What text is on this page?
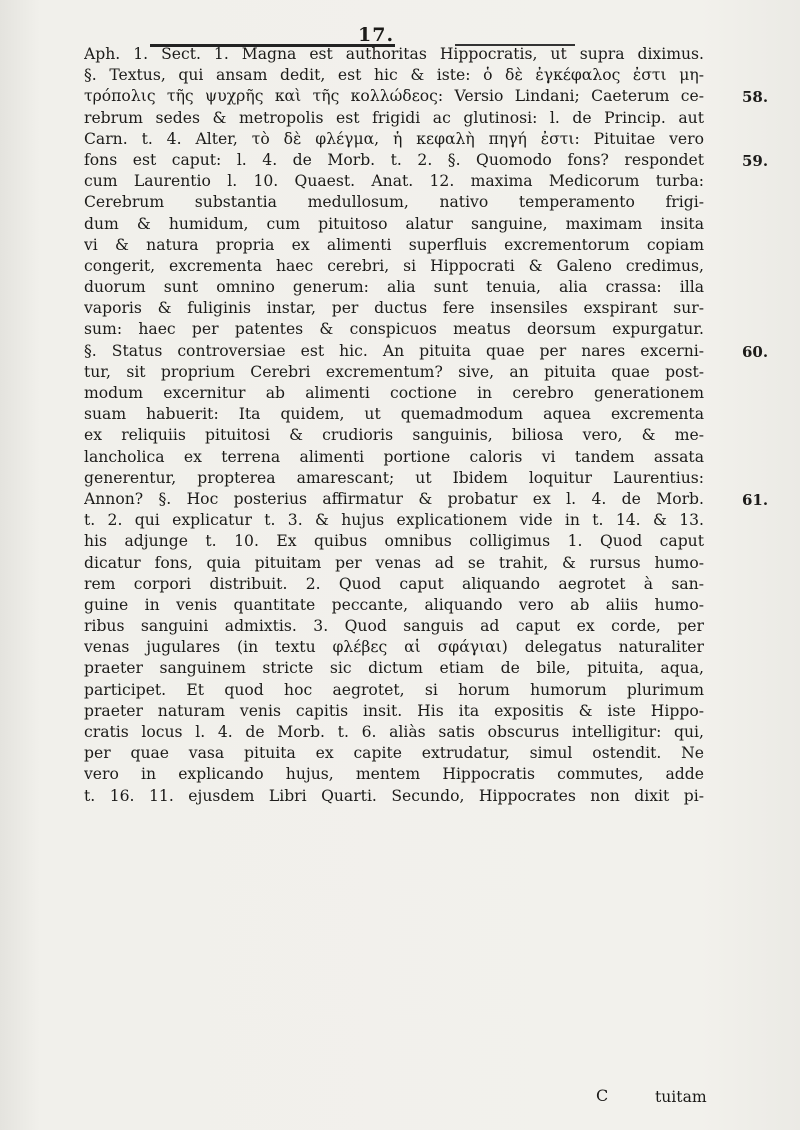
17.
Aph. 1. Sect. 1. Magna est authoritas Hippocratis, ut supra diximus.
§. Textus, qui ansam dedit, est hic & iste: ὁ δὲ ἐγκέφαλος ἐστι μη-
τρόπολις τῆς ψυχρῆς καὶ τῆς κολλώδεος: Versio Lindani; Caeterum ce-
rebrum sedes & metropolis est frigidi ac glutinosi: l. de Princip. aut
Carn. t. 4. Alter, τὸ δὲ φλέγμα, ἡ κεφαλὴ πηγή ἐστι: Pituitae vero
fons est caput: l. 4. de Morb. t. 2. §. Quomodo fons? respondet
cum Laurentio l. 10. Quaest. Anat. 12. maxima Medicorum turba:
Cerebrum substantia medullosum, nativo temperamento frigi-
dum & humidum, cum pituitoso alatur sanguine, maximam insita
vi & natura propria ex alimenti superfluis excrementorum copiam
congerit, excrementa haec cerebri, si Hippocrati & Galeno credimus,
duorum sunt omnino generum: alia sunt tenuia, alia crassa: illa
vaporis & fuliginis instar, per ductus fere insensiles exspirant sur-
sum: haec per patentes & conspicuos meatus deorsum expurgatur.
§. Status controversiae est hic. An pituita quae per nares excerni-
tur, sit proprium Cerebri excrementum? sive, an pituita quae post-
modum excernitur ab alimenti coctione in cerebro generationem
suam habuerit: Ita quidem, ut quemadmodum aquea excrementa
ex reliquiis pituitosi & crudioris sanguinis, biliosa vero, & me-
lancholica ex terrena alimenti portione caloris vi tandem assata
generentur, propterea amarescant; ut Ibidem loquitur Laurentius:
Annon? §. Hoc posterius affirmatur & probatur ex l. 4. de Morb.
t. 2. qui explicatur t. 3. & hujus explicationem vide in t. 14. & 13.
his adjunge t. 10. Ex quibus omnibus colligimus 1. Quod caput
dicatur fons, quia pituitam per venas ad se trahit, & rursus humo-
rem corpori distribuit. 2. Quod caput aliquando aegrotet à san-
guine in venis quantitate peccante, aliquando vero ab aliis humo-
ribus sanguini admixtis. 3. Quod sanguis ad caput ex corde, per
venas jugulares (in textu φλέβες αἱ σφάγιαι) delegatus naturaliter
praeter sanguinem stricte sic dictum etiam de bile, pituita, aqua,
participet. Et quod hoc aegrotet, si horum humorum plurimum
praeter naturam venis capitis insit. His ita expositis & iste Hippo-
cratis locus l. 4. de Morb. t. 6. aliàs satis obscurus intelligitur: qui,
per quae vasa pituita ex capite extrudatur, simul ostendit. Ne
vero in explicando hujus, mentem Hippocratis commutes, adde
t. 16. 11. ejusdem Libri Quarti. Secundo, Hippocrates non dixit pi-
58.
59.
60.
61.
C	tuitam
